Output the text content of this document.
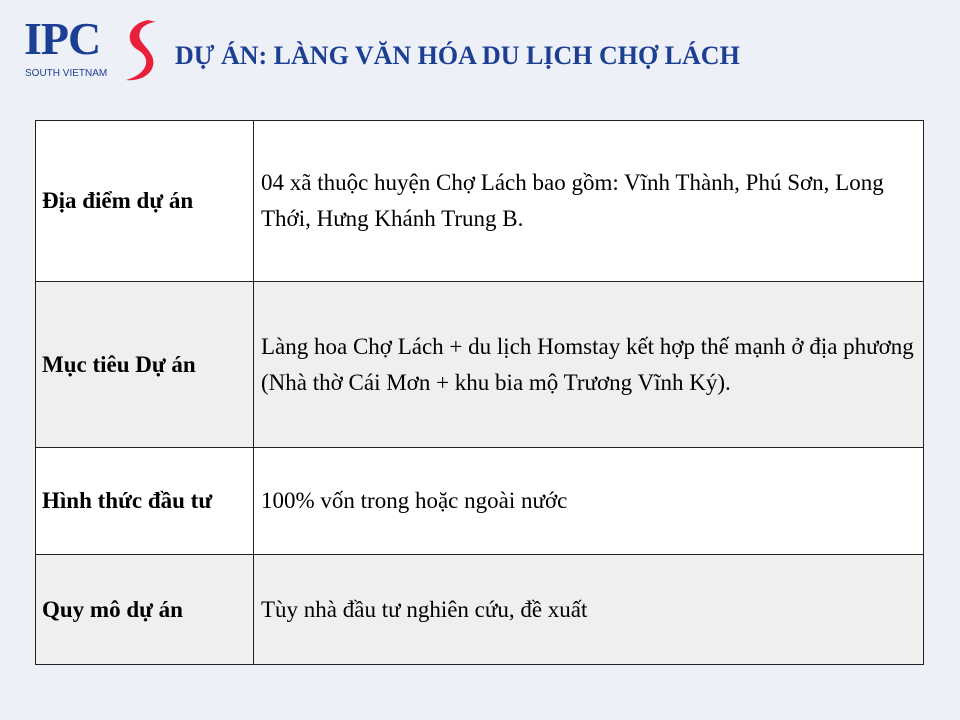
IPC
SOUTH VIETNAM
DỰ ÁN: LÀNG VĂN HÓA DU LỊCH CHỢ LÁCH
Địa điểm dự án	04 xã thuộc huyện Chợ Lách bao gồm: Vĩnh Thành, Phú Sơn, Long Thới, Hưng Khánh Trung B.
Mục tiêu Dự án	Làng hoa Chợ Lách + du lịch Homstay kết hợp thế mạnh ở địa phương (Nhà thờ Cái Mơn + khu bia mộ Trương Vĩnh Ký).
Hình thức đầu tư	100% vốn trong hoặc ngoài nước
Quy mô dự án	Tùy nhà đầu tư nghiên cứu, đề xuất
